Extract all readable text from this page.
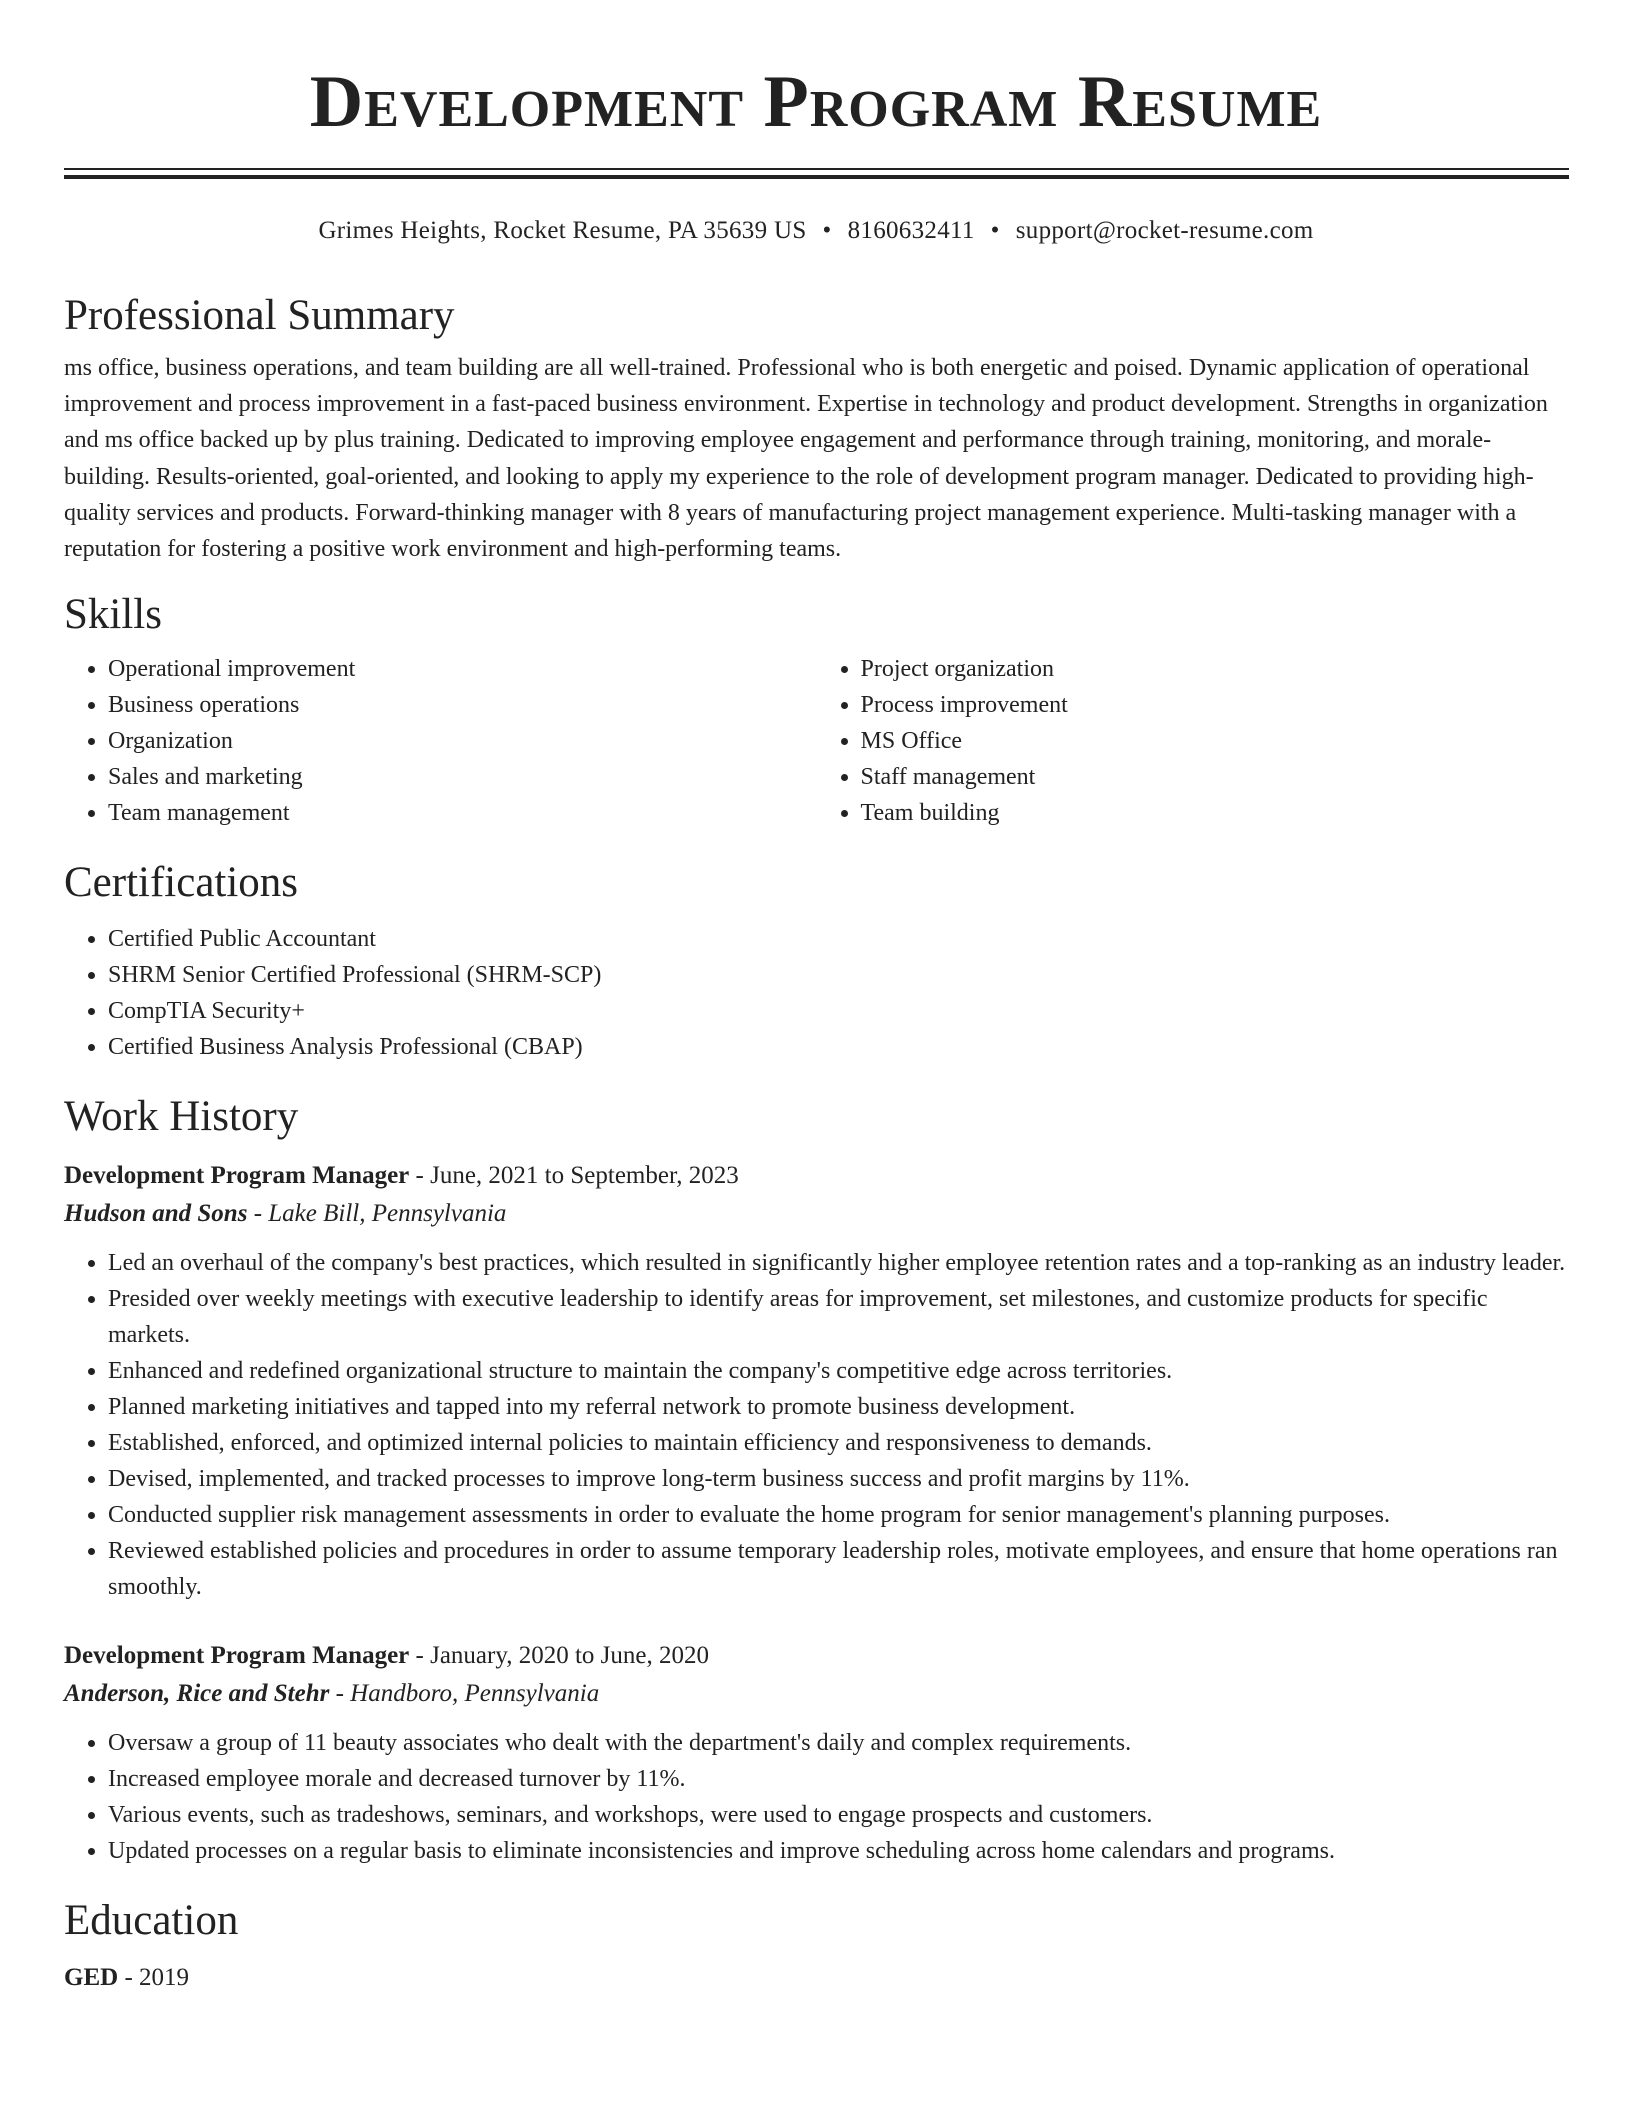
Development Program Resume
Grimes Heights, Rocket Resume, PA 35639 US • 8160632411 • support@rocket-resume.com
Professional Summary

ms office, business operations, and team building are all well-trained. Professional who is both energetic and poised. Dynamic application of operational improvement and process improvement in a fast-paced business environment. Expertise in technology and product development. Strengths in organization and ms office backed up by plus training. Dedicated to improving employee engagement and performance through training, monitoring, and morale-building. Results-oriented, goal-oriented, and looking to apply my experience to the role of development program manager. Dedicated to providing high-quality services and products. Forward-thinking manager with 8 years of manufacturing project management experience. Multi-tasking manager with a reputation for fostering a positive work environment and high-performing teams.

Skills
• Operational improvement
• Business operations
• Organization
• Sales and marketing
• Team management
• Project organization
• Process improvement
• MS Office
• Staff management
• Team building
Certifications
• Certified Public Accountant
• SHRM Senior Certified Professional (SHRM-SCP)
• CompTIA Security+
• Certified Business Analysis Professional (CBAP)
Work History
Development Program Manager - June, 2021 to September, 2023
Hudson and Sons - Lake Bill, Pennsylvania
• Led an overhaul of the company's best practices, which resulted in significantly higher employee retention rates and a top-ranking as an industry leader.
• Presided over weekly meetings with executive leadership to identify areas for improvement, set milestones, and customize products for specific markets.
• Enhanced and redefined organizational structure to maintain the company's competitive edge across territories.
• Planned marketing initiatives and tapped into my referral network to promote business development.
• Established, enforced, and optimized internal policies to maintain efficiency and responsiveness to demands.
• Devised, implemented, and tracked processes to improve long-term business success and profit margins by 11%.
• Conducted supplier risk management assessments in order to evaluate the home program for senior management's planning purposes.
• Reviewed established policies and procedures in order to assume temporary leadership roles, motivate employees, and ensure that home operations ran smoothly.
Development Program Manager - January, 2020 to June, 2020
Anderson, Rice and Stehr - Handboro, Pennsylvania
• Oversaw a group of 11 beauty associates who dealt with the department's daily and complex requirements.
• Increased employee morale and decreased turnover by 11%.
• Various events, such as tradeshows, seminars, and workshops, were used to engage prospects and customers.
• Updated processes on a regular basis to eliminate inconsistencies and improve scheduling across home calendars and programs.
Education
GED - 2019
